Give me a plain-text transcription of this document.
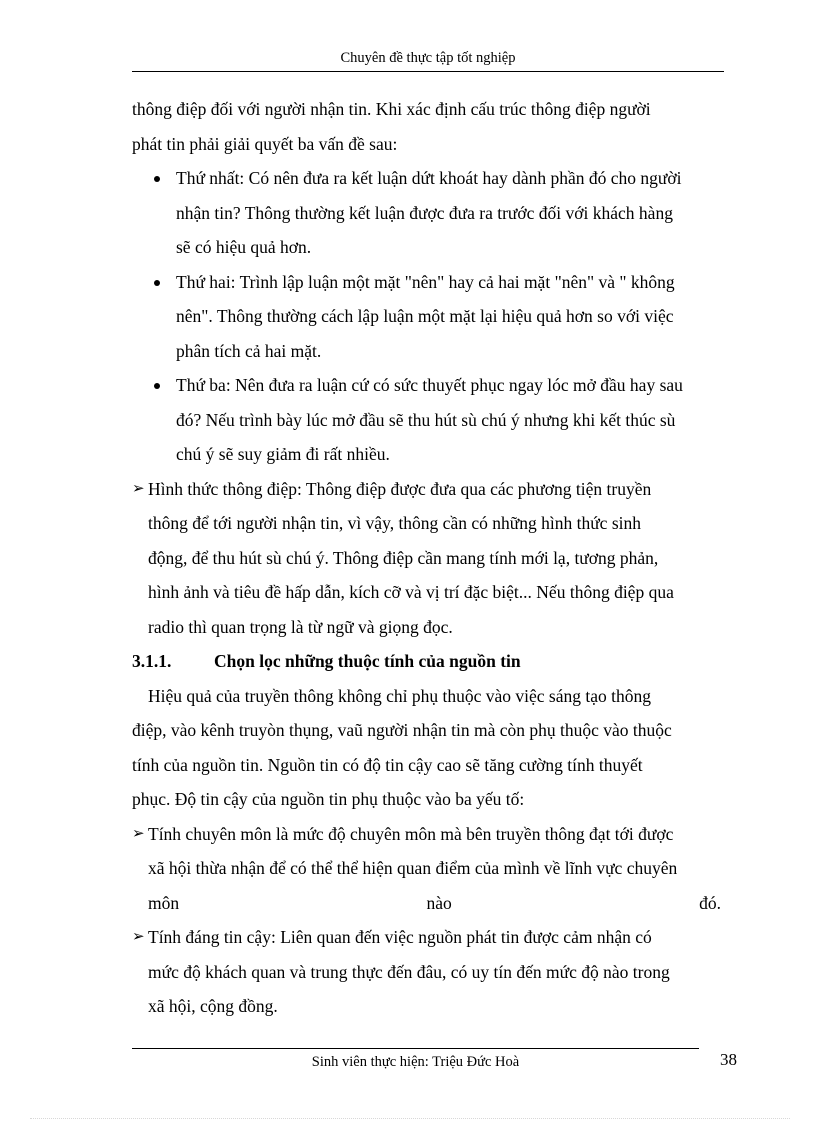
Chuyên đề thực tập tốt nghiệp

thông điệp đối với người nhận tin. Khi xác định cấu trúc thông điệp người
phát tin phải giải quyết ba vấn đề sau:

Thứ nhất: Có nên đưa ra kết luận dứt khoát hay dành phần đó cho người
nhận tin? Thông thường kết luận được đưa ra trước đối với khách hàng
sẽ có hiệu quả hơn.
Thứ hai: Trình lập luận một mặt "nên" hay cả hai mặt "nên" và " không
nên". Thông thường cách lập luận một mặt lại hiệu quả hơn so với việc
phân tích cả hai mặt.
Thứ ba: Nên đưa ra luận cứ có sức thuyết phục ngay lóc mở đầu hay sau
đó? Nếu trình bày lúc mở đầu sẽ thu hút sù chú ý nhưng khi kết thúc sù
chú ý sẽ suy giảm đi rất nhiều.
➢ Hình thức thông điệp: Thông điệp được đưa qua các phương tiện truyền
thông để tới người nhận tin, vì vậy, thông cần có những hình thức sinh
động, để thu hút sù chú ý. Thông điệp cần mang tính mới lạ, tương phản,
hình ảnh và tiêu đề hấp dẫn, kích cỡ và vị trí đặc biệt... Nếu thông điệp qua
radio thì quan trọng là từ ngữ và giọng đọc.
3.1.1. Chọn lọc những thuộc tính của nguồn tin

Hiệu quả của truyền thông không chỉ phụ thuộc vào việc sáng tạo thông
điệp, vào kênh truyòn thụng, vaũ người nhận tin mà còn phụ thuộc vào thuộc
tính của nguồn tin. Nguồn tin có độ tin cậy cao sẽ tăng cường tính thuyết
phục. Độ tin cậy của nguồn tin phụ thuộc vào ba yếu tố:

➢ Tính chuyên môn là mức độ chuyên môn mà bên truyền thông đạt tới được
xã hội thừa nhận để có thể thể hiện quan điểm của mình về lĩnh vực chuyên
môn	nào	đó.
➢ Tính đáng tin cậy: Liên quan đến việc nguồn phát tin được cảm nhận có
mức độ khách quan và trung thực đến đâu, có uy tín đến mức độ nào trong
xã hội, cộng đồng.
Sinh viên thực hiện: Triệu Đức Hoà	38
